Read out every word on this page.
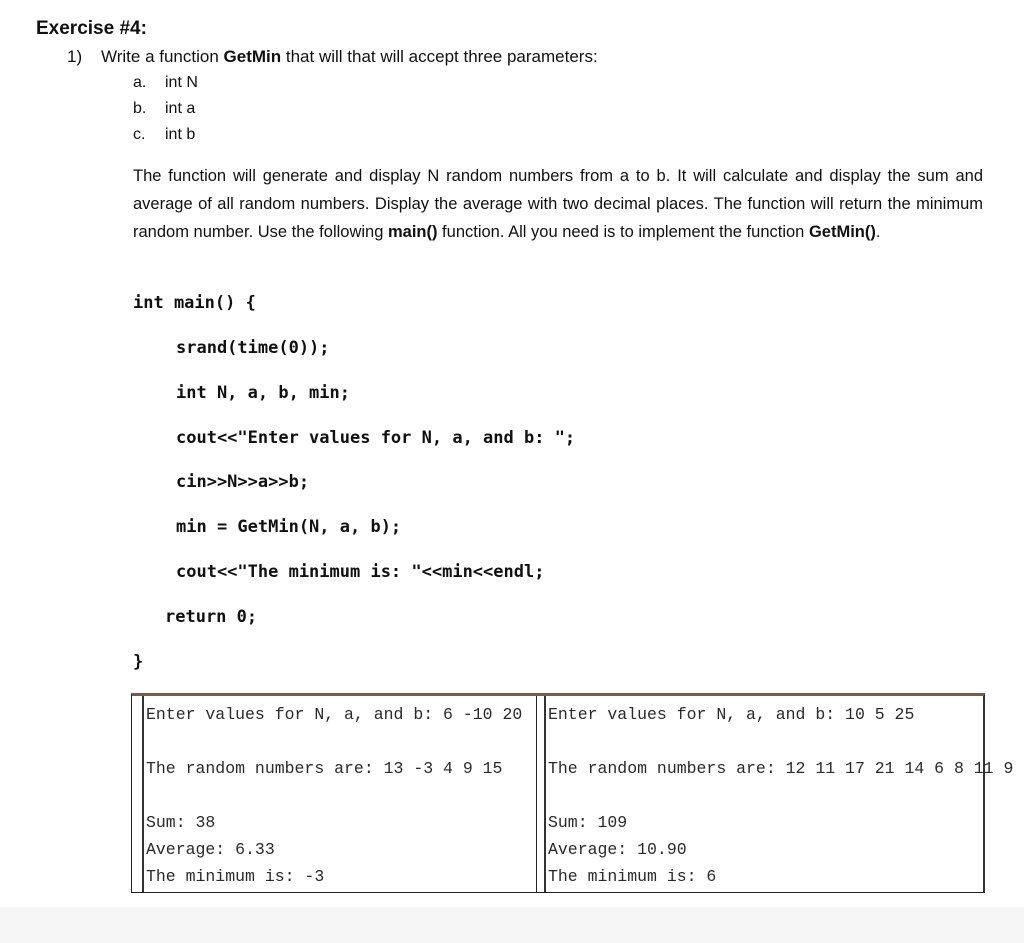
Exercise #4:
1) Write a function GetMin that will that will accept three parameters:
a. int N
b. int a
c. int b

The function will generate and display N random numbers from a to b. It will calculate and display the sum and average of all random numbers. Display the average with two decimal places. The function will return the minimum random number. Use the following main() function. All you need is to implement the function GetMin().

int main() {
srand(time(0));
int N, a, b, min;
cout<<"Enter values for N, a, and b: ";
cin>>N>>a>>b;
min = GetMin(N, a, b);
cout<<"The minimum is: "<<min<<endl;
return 0;
}

Enter values for N, a, and b: 6 -10 20

The random numbers are: 13 -3 4 9 15

Sum: 38

Average: 6.33

The minimum is: -3

Enter values for N, a, and b: 10 5 25

The random numbers are: 12 11 17 21 14 6 8 11 9

Sum: 109

Average: 10.90

The minimum is: 6
